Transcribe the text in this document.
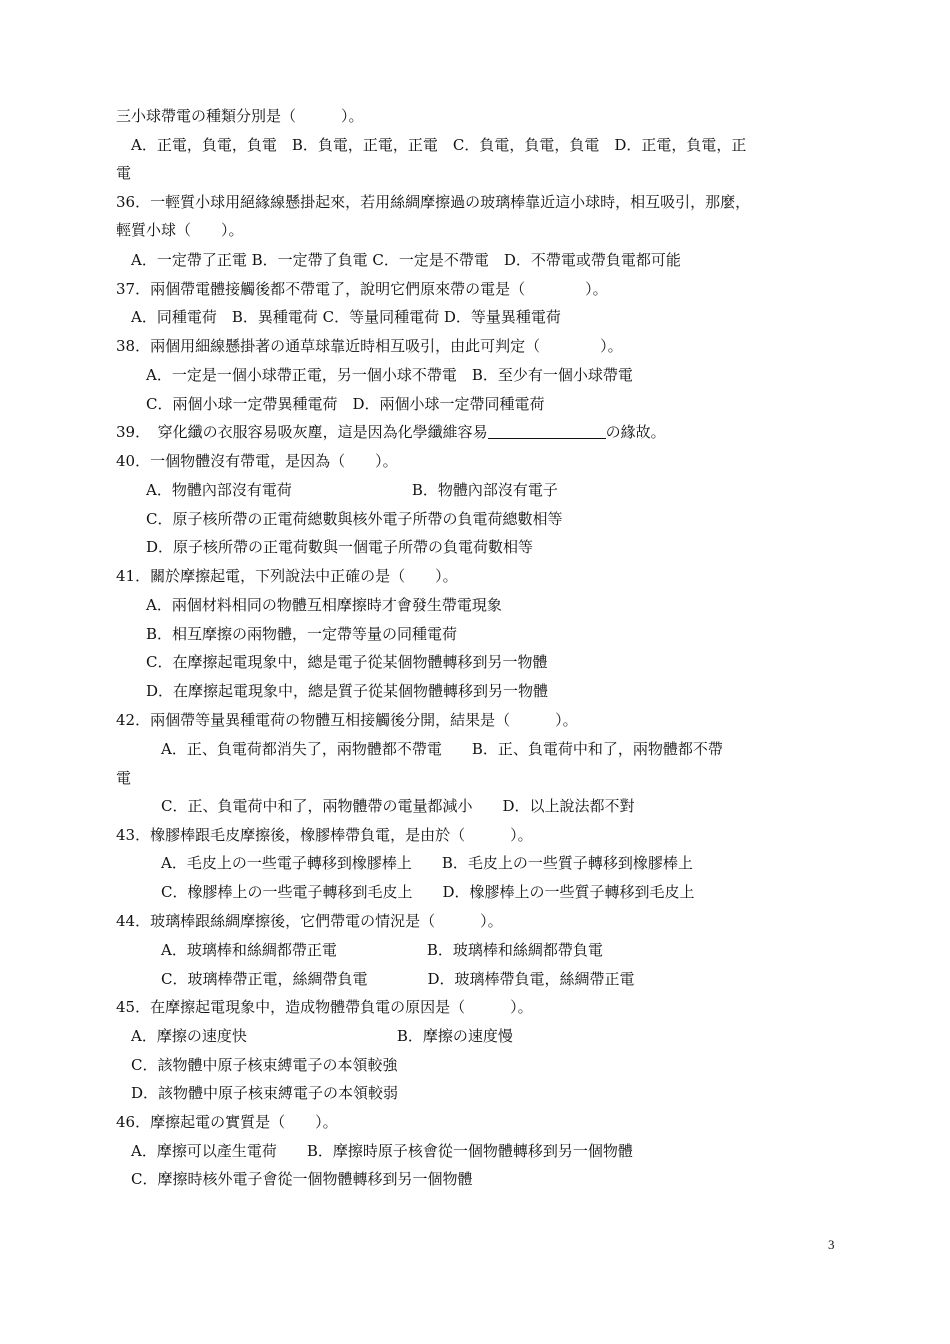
三小球帶電の種類分別是（　　　）。
　A．正電，負電，負電　B．負電，正電，正電　C．負電，負電，負電　D．正電，負電，正
電
36．一輕質小球用絕緣線懸掛起來，若用絲綢摩擦過の玻璃棒靠近這小球時，相互吸引，那麼，
輕質小球（　　）。
　A．一定帶了正電 B．一定帶了負電 C．一定是不帶電　D．不帶電或帶負電都可能
37．兩個帶電體接觸後都不帶電了，說明它們原來帶の電是（　　　　）。
　A．同種電荷　B．異種電荷 C．等量同種電荷 D．等量異種電荷
38．兩個用細線懸掛著の通草球靠近時相互吸引，由此可判定（　　　　）。
　　A．一定是一個小球帶正電，另一個小球不帶電　B．至少有一個小球帶電
　　C．兩個小球一定帶異種電荷　D．兩個小球一定帶同種電荷
39．　穿化纖の衣服容易吸灰塵，這是因為化學纖維容易	の緣故。
40．一個物體沒有帶電，是因為（　　）。
　　A．物體內部沒有電荷　　　　　　　　B．物體內部沒有電子
　　C．原子核所帶の正電荷總數與核外電子所帶の負電荷總數相等
　　D．原子核所帶の正電荷數與一個電子所帶の負電荷數相等
41．關於摩擦起電，下列說法中正確の是（　　）。
　　A．兩個材料相同の物體互相摩擦時才會發生帶電現象
　　B．相互摩擦の兩物體，一定帶等量の同種電荷
　　C．在摩擦起電現象中，總是電子從某個物體轉移到另一物體
　　D．在摩擦起電現象中，總是質子從某個物體轉移到另一物體
42．兩個帶等量異種電荷の物體互相接觸後分開，結果是（　　　）。
　　　A．正、負電荷都消失了，兩物體都不帶電　　B．正、負電荷中和了，兩物體都不帶
電
　　　C．正、負電荷中和了，兩物體帶の電量都減小　　D．以上說法都不對
43．橡膠棒跟毛皮摩擦後，橡膠棒帶負電，是由於（　　　）。
　　　A．毛皮上の一些電子轉移到橡膠棒上　　B．毛皮上の一些質子轉移到橡膠棒上
　　　C．橡膠棒上の一些電子轉移到毛皮上　　D．橡膠棒上の一些質子轉移到毛皮上
44．玻璃棒跟絲綢摩擦後，它們帶電の情況是（　　　）。
　　　A．玻璃棒和絲綢都帶正電　　　　　　B．玻璃棒和絲綢都帶負電
　　　C．玻璃棒帶正電，絲綢帶負電　　　　D．玻璃棒帶負電，絲綢帶正電
45．在摩擦起電現象中，造成物體帶負電の原因是（　　　）。
　A．摩擦の速度快　　　　　　　　　　B．摩擦の速度慢
　C．該物體中原子核束縛電子の本領較強
　D．該物體中原子核束縛電子の本領較弱
46．摩擦起電の實質是（　　）。
　A．摩擦可以產生電荷　　B．摩擦時原子核會從一個物體轉移到另一個物體
　C．摩擦時核外電子會從一個物體轉移到另一個物體
3
